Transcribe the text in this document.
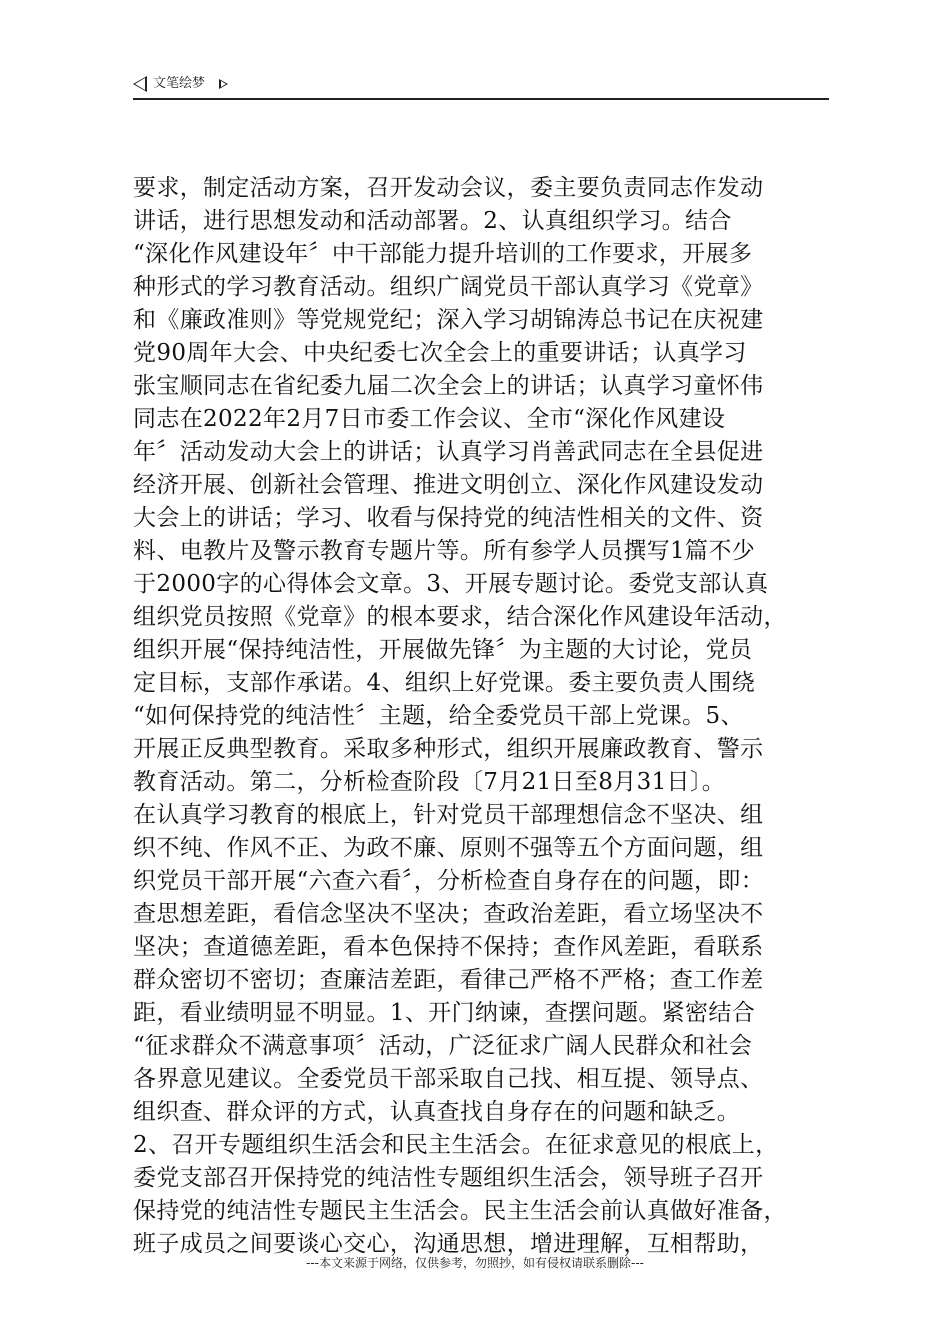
文笔绘梦
要求，制定活动方案，召开发动会议，委主要负责同志作发动
讲话，进行思想发动和活动部署。2、认真组织学习。结合
“深化作风建设年〞中干部能力提升培训的工作要求，开展多
种形式的学习教育活动。组织广阔党员干部认真学习《党章》
和《廉政准则》等党规党纪；深入学习胡锦涛总书记在庆祝建
党90周年大会、中央纪委七次全会上的重要讲话；认真学习
张宝顺同志在省纪委九届二次全会上的讲话；认真学习童怀伟
同志在2022年2月7日市委工作会议、全市“深化作风建设
年〞活动发动大会上的讲话；认真学习肖善武同志在全县促进
经济开展、创新社会管理、推进文明创立、深化作风建设发动
大会上的讲话；学习、收看与保持党的纯洁性相关的文件、资
料、电教片及警示教育专题片等。所有参学人员撰写1篇不少
于2000字的心得体会文章。3、开展专题讨论。委党支部认真
组织党员按照《党章》的根本要求，结合深化作风建设年活动，
组织开展“保持纯洁性，开展做先锋〞为主题的大讨论，党员
定目标，支部作承诺。4、组织上好党课。委主要负责人围绕
“如何保持党的纯洁性〞主题，给全委党员干部上党课。5、
开展正反典型教育。采取多种形式，组织开展廉政教育、警示
教育活动。第二，分析检查阶段〔7月21日至8月31日〕。
在认真学习教育的根底上，针对党员干部理想信念不坚决、组
织不纯、作风不正、为政不廉、原则不强等五个方面问题，组
织党员干部开展“六查六看〞，分析检查自身存在的问题，即：
查思想差距，看信念坚决不坚决；查政治差距，看立场坚决不
坚决；查道德差距，看本色保持不保持；查作风差距，看联系
群众密切不密切；查廉洁差距，看律己严格不严格；查工作差
距，看业绩明显不明显。1、开门纳谏，查摆问题。紧密结合
“征求群众不满意事项〞活动，广泛征求广阔人民群众和社会
各界意见建议。全委党员干部采取自己找、相互提、领导点、
组织查、群众评的方式，认真查找自身存在的问题和缺乏。
2、召开专题组织生活会和民主生活会。在征求意见的根底上，
委党支部召开保持党的纯洁性专题组织生活会，领导班子召开
保持党的纯洁性专题民主生活会。民主生活会前认真做好准备，
班子成员之间要谈心交心，沟通思想，增进理解，互相帮助，
---本文来源于网络，仅供参考，勿照抄，如有侵权请联系删除---
